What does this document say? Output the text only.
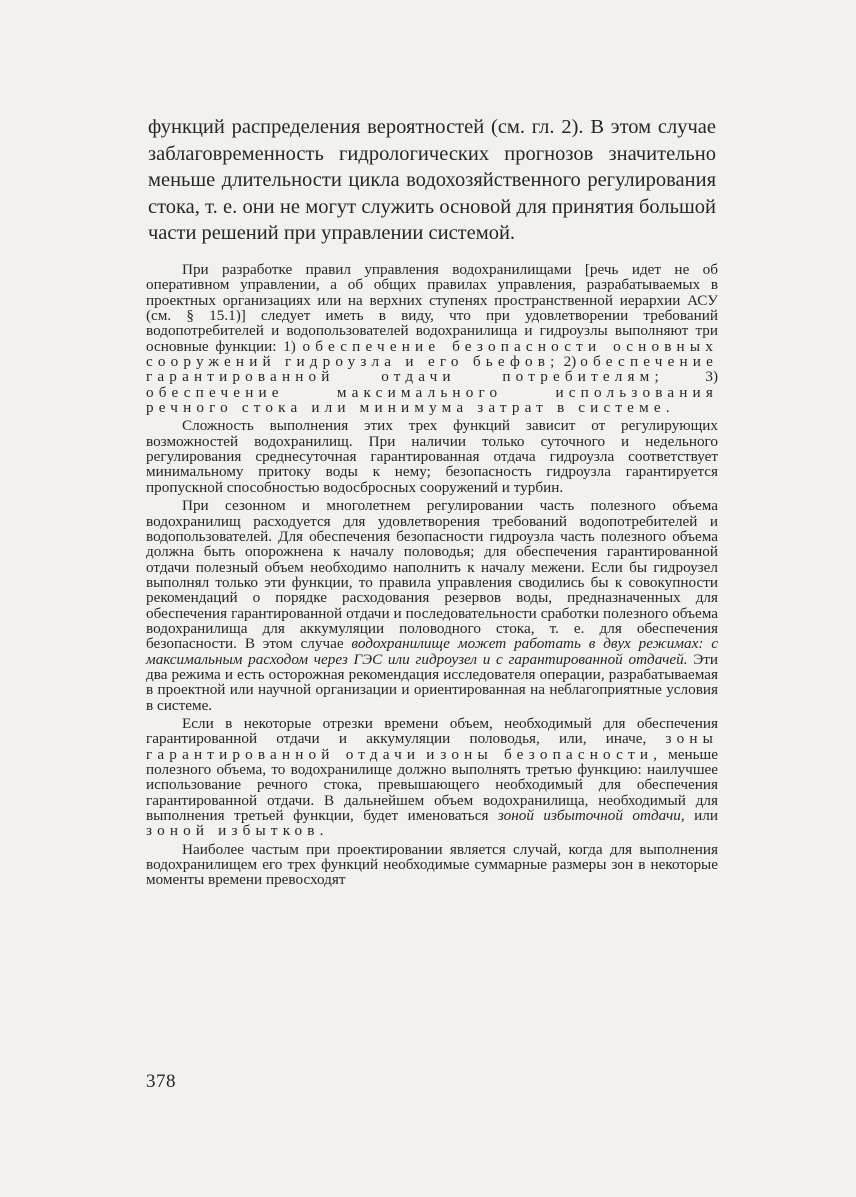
функций распределения вероятностей (см. гл. 2). В этом случае заблаговременность гидрологических прогнозов значительно меньше длительности цикла водохозяйственного регулирования стока, т. е. они не могут служить основой для принятия большой части решений при управлении системой.

При разработке правил управления водохранилищами [речь идет не об оперативном управлении, а об общих правилах управления, разрабатываемых в проектных организациях или на верхних ступенях пространственной иерархии АСУ (см. § 15.1)] следует иметь в виду, что при удовлетворении требований водопотребителей и водопользователей водохранилища и гидроузлы выполняют три основные функции: 1) обеспечение безопасности основных сооружений гидроузла и его бьефов; 2) обеспечение гарантированной отдачи потребителям; 3) обеспечение максимального использования речного стока или минимума затрат в системе.

Сложность выполнения этих трех функций зависит от регулирующих возможностей водохранилищ. При наличии только суточного и недельного регулирования среднесуточная гарантированная отдача гидроузла соответствует минимальному притоку воды к нему; безопасность гидроузла гарантируется пропускной способностью водосбросных сооружений и турбин.

При сезонном и многолетнем регулировании часть полезного объема водохранилищ расходуется для удовлетворения требований водопотребителей и водопользователей. Для обеспечения безопасности гидроузла часть полезного объема должна быть опорожнена к началу половодья; для обеспечения гарантированной отдачи полезный объем необходимо наполнить к началу межени. Если бы гидроузел выполнял только эти функции, то правила управления сводились бы к совокупности рекомендаций о порядке расходования резервов воды, предназначенных для обеспечения гарантированной отдачи и последовательности сработки полезного объема водохранилища для аккумуляции половодного стока, т. е. для обеспечения безопасности. В этом случае водохранилище может работать в двух режимах: с максимальным расходом через ГЭС или гидроузел и с гарантированной отдачей. Эти два режима и есть осторожная рекомендация исследователя операции, разрабатываемая в проектной или научной организации и ориентированная на неблагоприятные условия в системе.

Если в некоторые отрезки времени объем, необходимый для обеспечения гарантированной отдачи и аккумуляции половодья, или, иначе, зоны гарантированной отдачи и зоны безопасности, меньше полезного объема, то водохранилище должно выполнять третью функцию: наилучшее использование речного стока, превышающего необходимый для обеспечения гарантированной отдачи. В дальнейшем объем водохранилища, необходимый для выполнения третьей функции, будет именоваться зоной избыточной отдачи, или зоной избытков.

Наиболее частым при проектировании является случай, когда для выполнения водохранилищем его трех функций необходимые суммарные размеры зон в некоторые моменты времени превосходят

378
